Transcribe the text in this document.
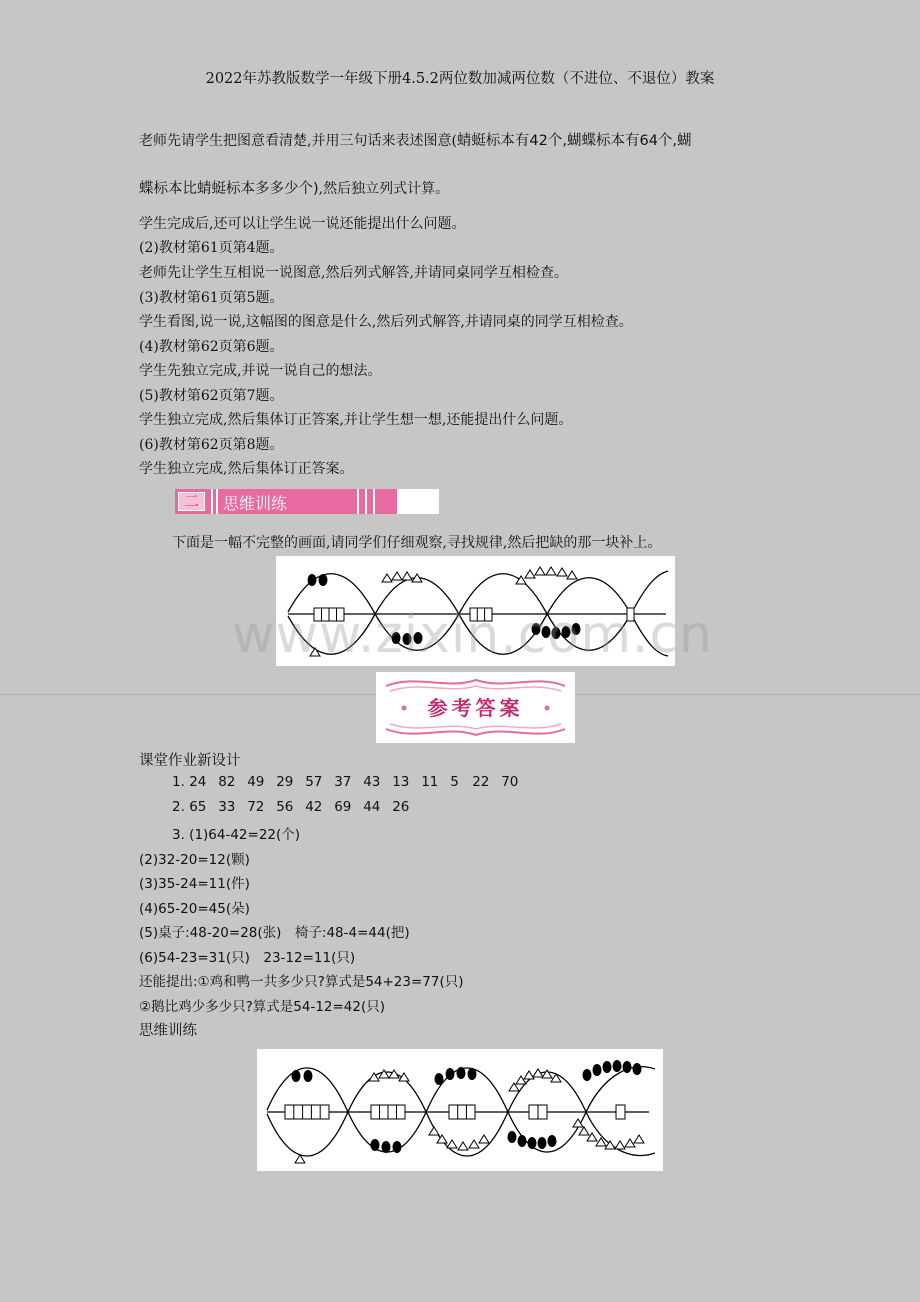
2022年苏教版数学一年级下册4.5.2两位数加减两位数（不进位、不退位）教案
老师先请学生把图意看清楚,并用三句话来表述图意(蜻蜓标本有42个,蝴蝶标本有64个,蝴
蝶标本比蜻蜓标本多多少个),然后独立列式计算。
学生完成后,还可以让学生说一说还能提出什么问题。
(2)教材第61页第4题。
老师先让学生互相说一说图意,然后列式解答,并请同桌同学互相检查。
(3)教材第61页第5题。
学生看图,说一说,这幅图的图意是什么,然后列式解答,并请同桌的同学互相检查。
(4)教材第62页第6题。
学生先独立完成,并说一说自己的想法。
(5)教材第62页第7题。
学生独立完成,然后集体订正答案,并让学生想一想,还能提出什么问题。
(6)教材第62页第8题。
学生独立完成,然后集体订正答案。
二	思维训练
下面是一幅不完整的画面,请同学们仔细观察,寻找规律,然后把缺的那一块补上。
www.zixin.com.cn
参考答案
课堂作业新设计
1. 24 82 49 29 57 37 43 13 11 5 22 70
2. 65 33 72 56 42 69 44 26
3. (1)64-42=22(个)
(2)32-20=12(颗)
(3)35-24=11(件)
(4)65-20=45(朵)
(5)桌子:48-20=28(张)　椅子:48-4=44(把)
(6)54-23=31(只)　23-12=11(只)
还能提出:①鸡和鸭一共多少只?算式是54+23=77(只)
②鹅比鸡少多少只?算式是54-12=42(只)
思维训练
